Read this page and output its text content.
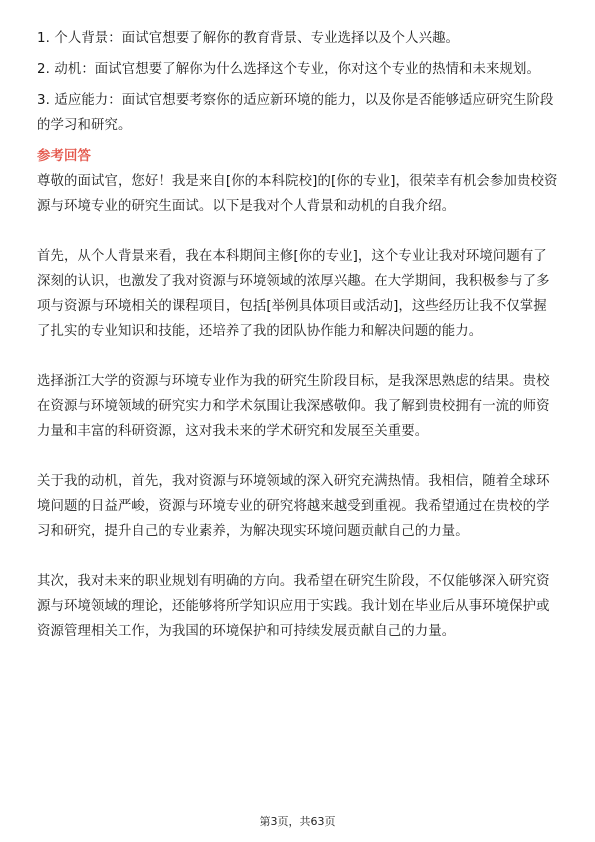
1. 个人背景：面试官想要了解你的教育背景、专业选择以及个人兴趣。

2. 动机：面试官想要了解你为什么选择这个专业，你对这个专业的热情和未来规划。

3. 适应能力：面试官想要考察你的适应新环境的能力，以及你是否能够适应研究生阶段的学习和研究。

参考回答

尊敬的面试官，您好！我是来自[你的本科院校]的[你的专业]，很荣幸有机会参加贵校资源与环境专业的研究生面试。以下是我对个人背景和动机的自我介绍。

首先，从个人背景来看，我在本科期间主修[你的专业]，这个专业让我对环境问题有了深刻的认识，也激发了我对资源与环境领域的浓厚兴趣。在大学期间，我积极参与了多项与资源与环境相关的课程项目，包括[举例具体项目或活动]，这些经历让我不仅掌握了扎实的专业知识和技能，还培养了我的团队协作能力和解决问题的能力。

选择浙江大学的资源与环境专业作为我的研究生阶段目标，是我深思熟虑的结果。贵校在资源与环境领域的研究实力和学术氛围让我深感敬仰。我了解到贵校拥有一流的师资力量和丰富的科研资源，这对我未来的学术研究和发展至关重要。

关于我的动机，首先，我对资源与环境领域的深入研究充满热情。我相信，随着全球环境问题的日益严峻，资源与环境专业的研究将越来越受到重视。我希望通过在贵校的学习和研究，提升自己的专业素养，为解决现实环境问题贡献自己的力量。

其次，我对未来的职业规划有明确的方向。我希望在研究生阶段，不仅能够深入研究资源与环境领域的理论，还能够将所学知识应用于实践。我计划在毕业后从事环境保护或资源管理相关工作，为我国的环境保护和可持续发展贡献自己的力量。

第3页，共63页
